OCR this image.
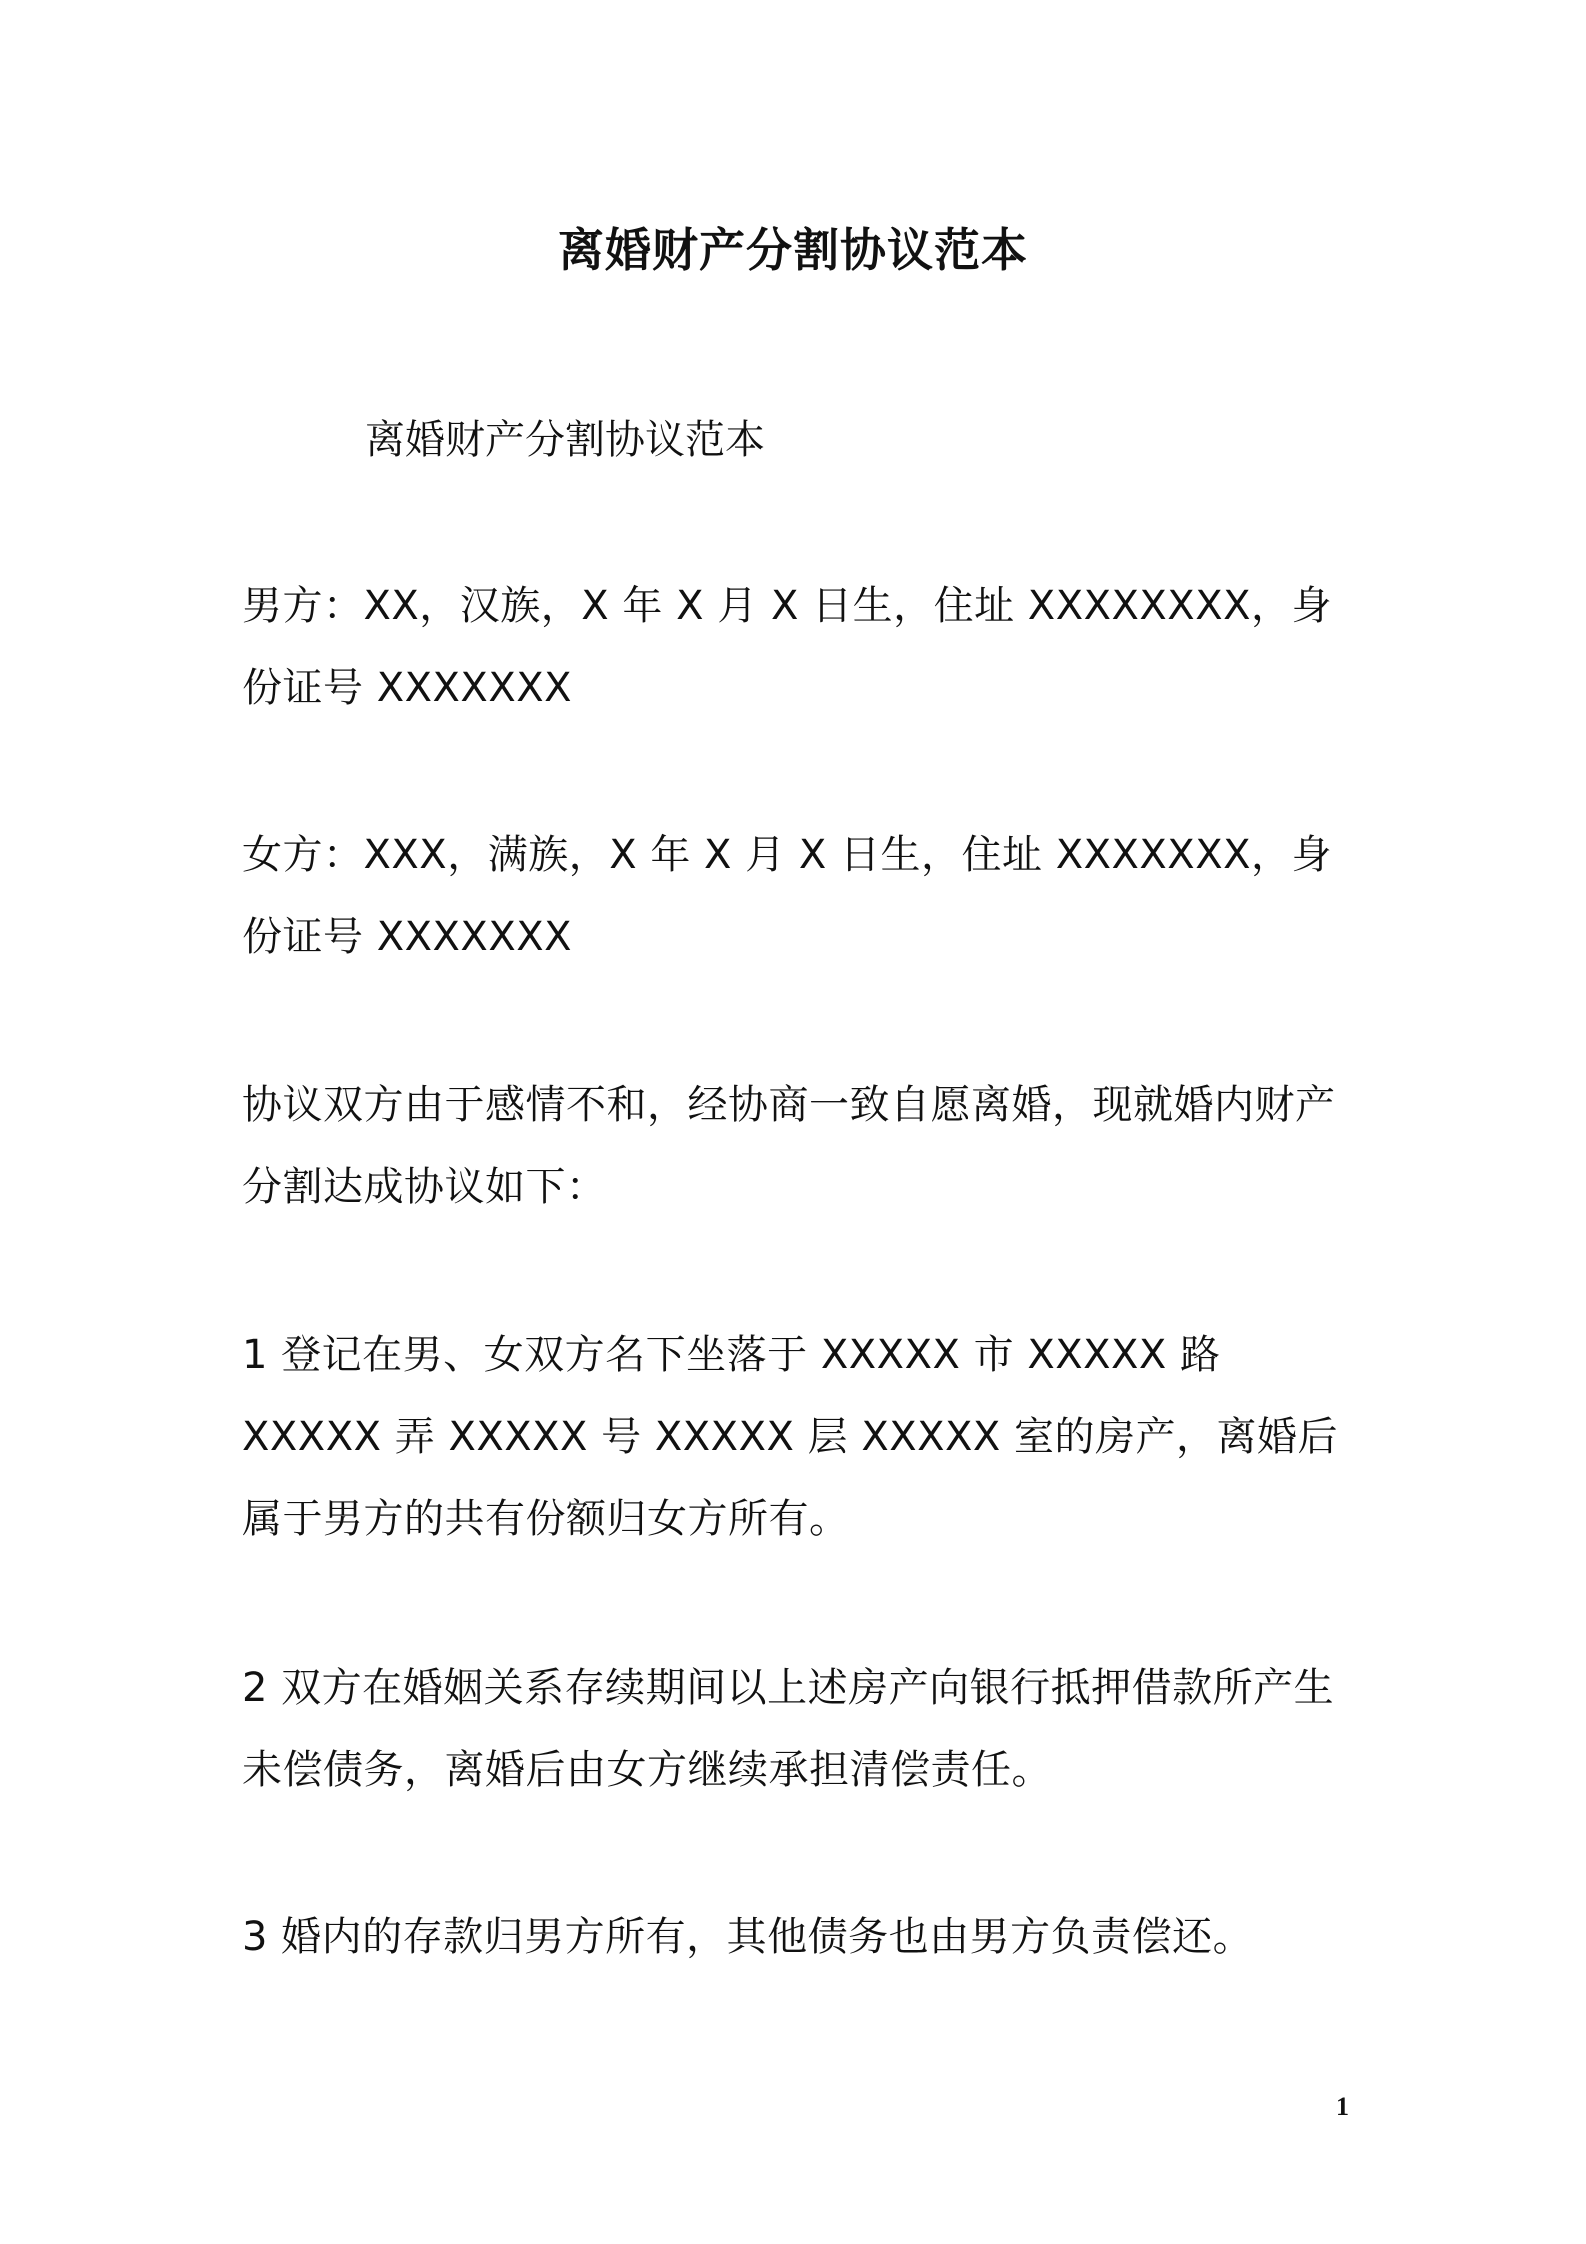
离婚财产分割协议范本
离婚财产分割协议范本

男方：XX，汉族，X 年 X 月 X 日生，住址 XXXXXXXX，身份证号 XXXXXXX

女方：XXX，满族，X 年 X 月 X 日生，住址 XXXXXXX，身份证号 XXXXXXX

协议双方由于感情不和，经协商一致自愿离婚，现就婚内财产分割达成协议如下：

1 登记在男、女双方名下坐落于 XXXXX 市 XXXXX 路 XXXXX 弄 XXXXX 号 XXXXX 层 XXXXX 室的房产，离婚后属于男方的共有份额归女方所有。

2 双方在婚姻关系存续期间以上述房产向银行抵押借款所产生未偿债务，离婚后由女方继续承担清偿责任。

3 婚内的存款归男方所有，其他债务也由男方负责偿还。

1
